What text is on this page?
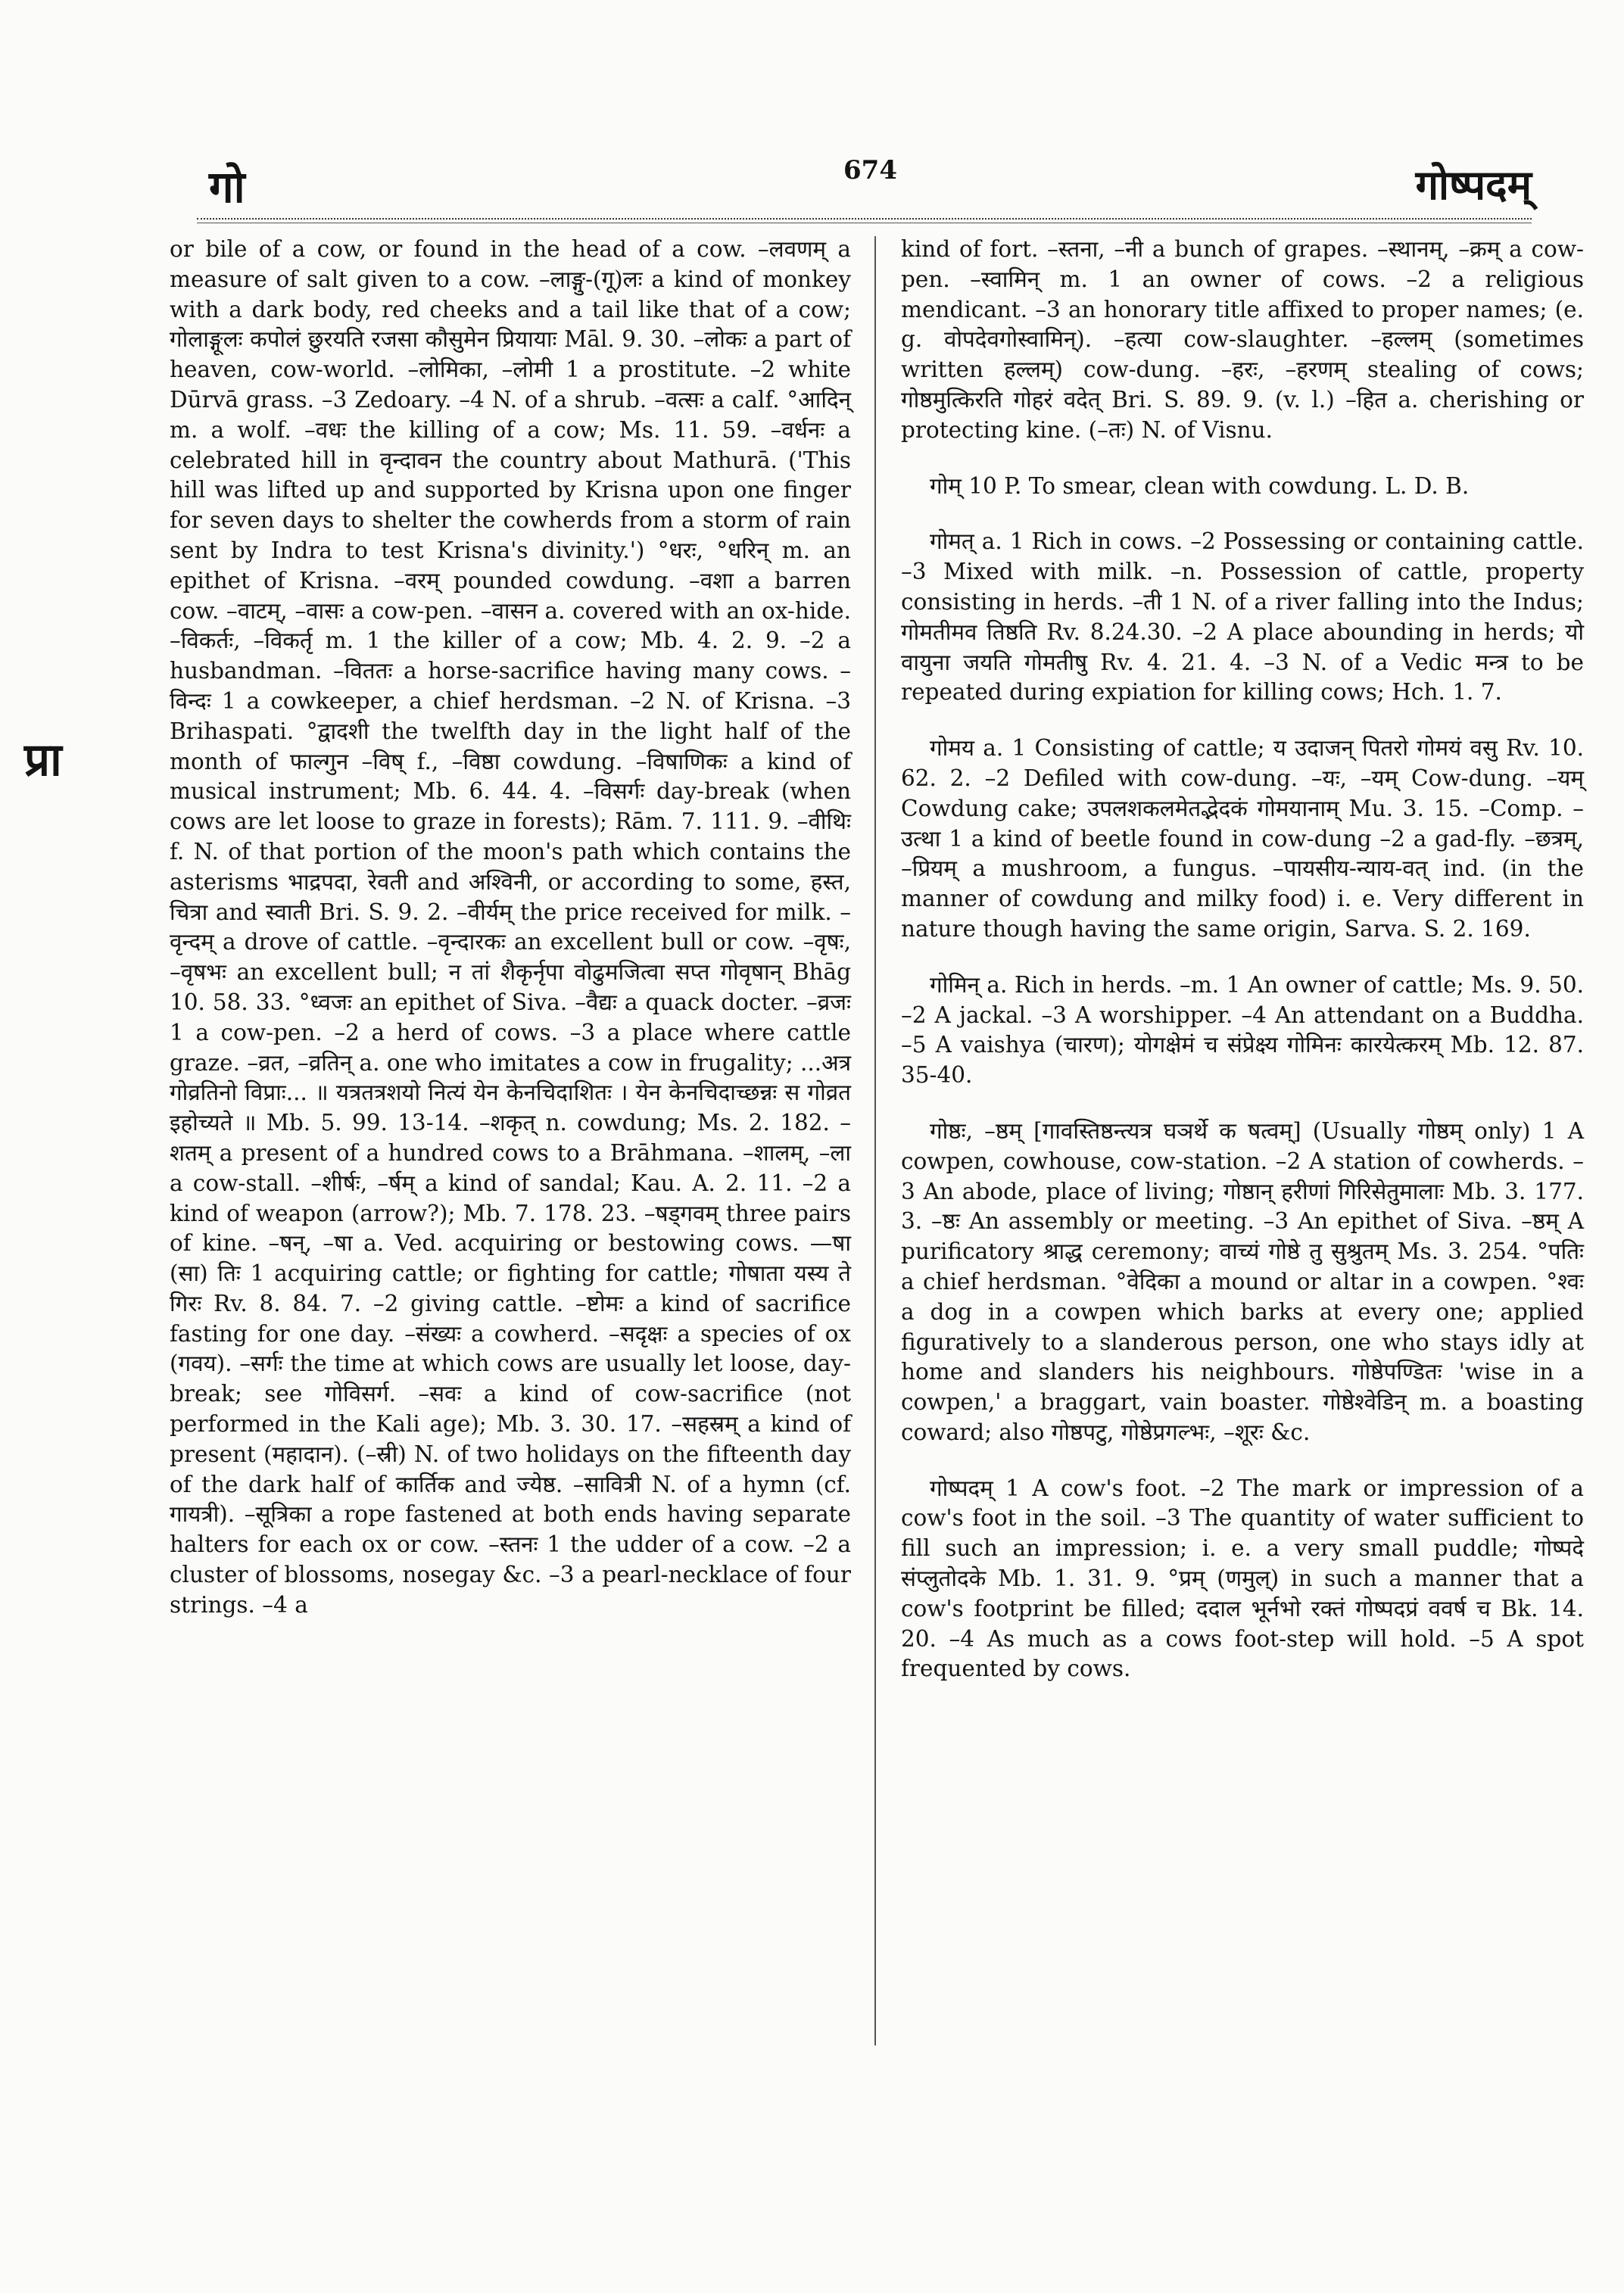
गो	674	गोष्पदम्
प्रा

or bile of a cow, or found in the head of a cow. –लवणम् a measure of salt given to a cow. –लाङ्गु-(गू)लः a kind of monkey with a dark body, red cheeks and a tail like that of a cow; गोलाङ्गूलः कपोलं छुरयति रजसा कौसुमेन प्रियायाः Māl. 9. 30. –लोकः a part of heaven, cow-world. –लोमिका, –लोमी 1 a prostitute. –2 white Dūrvā grass. –3 Zedoary. –4 N. of a shrub. –वत्सः a calf. °आदिन् m. a wolf. –वधः the killing of a cow; Ms. 11. 59. –वर्धनः a celebrated hill in वृन्दावन the country about Mathurā. ('This hill was lifted up and supported by Krisna upon one finger for seven days to shelter the cowherds from a storm of rain sent by Indra to test Krisna's divinity.') °धरः, °धरिन् m. an epithet of Krisna. –वरम् pounded cowdung. –वशा a barren cow. –वाटम्, –वासः a cow-pen. –वासन a. covered with an ox-hide. –विकर्तः, –विकर्तृ m. 1 the killer of a cow; Mb. 4. 2. 9. –2 a husbandman. –विततः a horse-sacrifice having many cows. –विन्दः 1 a cowkeeper, a chief herdsman. –2 N. of Krisna. –3 Brihaspati. °द्वादशी the twelfth day in the light half of the month of फाल्गुन –विष् f., –विष्ठा cowdung. –विषाणिकः a kind of musical instrument; Mb. 6. 44. 4. –विसर्गः day-break (when cows are let loose to graze in forests); Rām. 7. 111. 9. –वीथिः f. N. of that portion of the moon's path which contains the asterisms भाद्रपदा, रेवती and अश्विनी, or according to some, हस्त, चित्रा and स्वाती Bri. S. 9. 2. –वीर्यम् the price received for milk. –वृन्दम् a drove of cattle. –वृन्दारकः an excellent bull or cow. –वृषः, –वृषभः an excellent bull; न तां शैकृर्नृपा वोढुमजित्वा सप्त गोवृषान् Bhāg 10. 58. 33. °ध्वजः an epithet of Siva. –वैद्यः a quack docter. –व्रजः 1 a cow-pen. –2 a herd of cows. –3 a place where cattle graze. –व्रत, –व्रतिन् a. one who imitates a cow in frugality; ...अत्र गोव्रतिनो विप्राः... ॥ यत्रतत्रशयो नित्यं येन केनचिदाशितः । येन केनचिदाच्छन्नः स गोव्रत इहोच्यते ॥ Mb. 5. 99. 13-14. –शकृत् n. cowdung; Ms. 2. 182. –शतम् a present of a hundred cows to a Brāhmana. –शालम्, –ला a cow-stall. –शीर्षः, –र्षम् a kind of sandal; Kau. A. 2. 11. –2 a kind of weapon (arrow?); Mb. 7. 178. 23. –षड्गवम् three pairs of kine. –षन्, –षा a. Ved. acquiring or bestowing cows. —षा (सा) तिः 1 acquiring cattle; or fighting for cattle; गोषाता यस्य ते गिरः Rv. 8. 84. 7. –2 giving cattle. –ष्टोमः a kind of sacrifice fasting for one day. –संख्यः a cowherd. –सदृक्षः a species of ox (गवय). –सर्गः the time at which cows are usually let loose, day-break; see गोविसर्ग. –सवः a kind of cow-sacrifice (not performed in the Kali age); Mb. 3. 30. 17. –सहस्रम् a kind of present (महादान). (–स्री) N. of two holidays on the fifteenth day of the dark half of कार्तिक and ज्येष्ठ. –सावित्री N. of a hymn (cf. गायत्री). –सूत्रिका a rope fastened at both ends having separate halters for each ox or cow. –स्तनः 1 the udder of a cow. –2 a cluster of blossoms, nosegay &c. –3 a pearl-necklace of four strings. –4 a

kind of fort. –स्तना, –नी a bunch of grapes. –स्थानम्, –क्रम् a cow-pen. –स्वामिन् m. 1 an owner of cows. –2 a religious mendicant. –3 an honorary title affixed to proper names; (e. g. वोपदेवगोस्वामिन्). –हत्या cow-slaughter. –हल्लम् (sometimes written हल्लम्) cow-dung. –हरः, –हरणम् stealing of cows; गोष्ठमुत्किरति गोहरं वदेत् Bri. S. 89. 9. (v. l.) –हित a. cherishing or protecting kine. (–तः) N. of Visnu.

गोम् 10 P. To smear, clean with cowdung. L. D. B.

गोमत् a. 1 Rich in cows. –2 Possessing or containing cattle. –3 Mixed with milk. –n. Possession of cattle, property consisting in herds. –ती 1 N. of a river falling into the Indus; गोमतीमव तिष्ठति Rv. 8.24.30. –2 A place abounding in herds; यो वायुना जयति गोमतीषु Rv. 4. 21. 4. –3 N. of a Vedic मन्त्र to be repeated during expiation for killing cows; Hch. 1. 7.

गोमय a. 1 Consisting of cattle; य उदाजन् पितरो गोमयं वसु Rv. 10. 62. 2. –2 Defiled with cow-dung. –यः, –यम् Cow-dung. –यम् Cowdung cake; उपलशकलमेतद्भेदकं गोमयानाम् Mu. 3. 15. –Comp. –उत्था 1 a kind of beetle found in cow-dung –2 a gad-fly. –छत्रम्, –प्रियम् a mushroom, a fungus. –पायसीय-न्याय-वत् ind. (in the manner of cowdung and milky food) i. e. Very different in nature though having the same origin, Sarva. S. 2. 169.

गोमिन् a. Rich in herds. –m. 1 An owner of cattle; Ms. 9. 50. –2 A jackal. –3 A worshipper. –4 An attendant on a Buddha. –5 A vaishya (चारण); योगक्षेमं च संप्रेक्ष्य गोमिनः कारयेत्करम् Mb. 12. 87. 35-40.

गोष्ठः, –ष्ठम् [गावस्तिष्ठन्त्यत्र घञर्थे क षत्वम्] (Usually गोष्ठम् only) 1 A cowpen, cowhouse, cow-station. –2 A station of cowherds. –3 An abode, place of living; गोष्ठान् हरीणां गिरिसेतुमालाः Mb. 3. 177. 3. –ष्ठः An assembly or meeting. –3 An epithet of Siva. –ष्ठम् A purificatory श्राद्ध ceremony; वाच्यं गोष्ठे तु सुश्रुतम् Ms. 3. 254. °पतिः a chief herdsman. °वेदिका a mound or altar in a cowpen. °श्वः a dog in a cowpen which barks at every one; applied figuratively to a slanderous person, one who stays idly at home and slanders his neighbours. गोष्ठेपण्डितः 'wise in a cowpen,' a braggart, vain boaster. गोष्ठेश्वेडिन् m. a boasting coward; also गोष्ठपटु, गोष्ठेप्रगल्भः, –शूरः &c.

गोष्पदम् 1 A cow's foot. –2 The mark or impression of a cow's foot in the soil. –3 The quantity of water sufficient to fill such an impression; i. e. a very small puddle; गोष्पदे संप्लुतोदके Mb. 1. 31. 9. °प्रम् (णमुल्) in such a manner that a cow's footprint be filled; ददाल भूर्नभो रक्तं गोष्पदप्रं ववर्ष च Bk. 14. 20. –4 As much as a cows foot-step will hold. –5 A spot frequented by cows.
